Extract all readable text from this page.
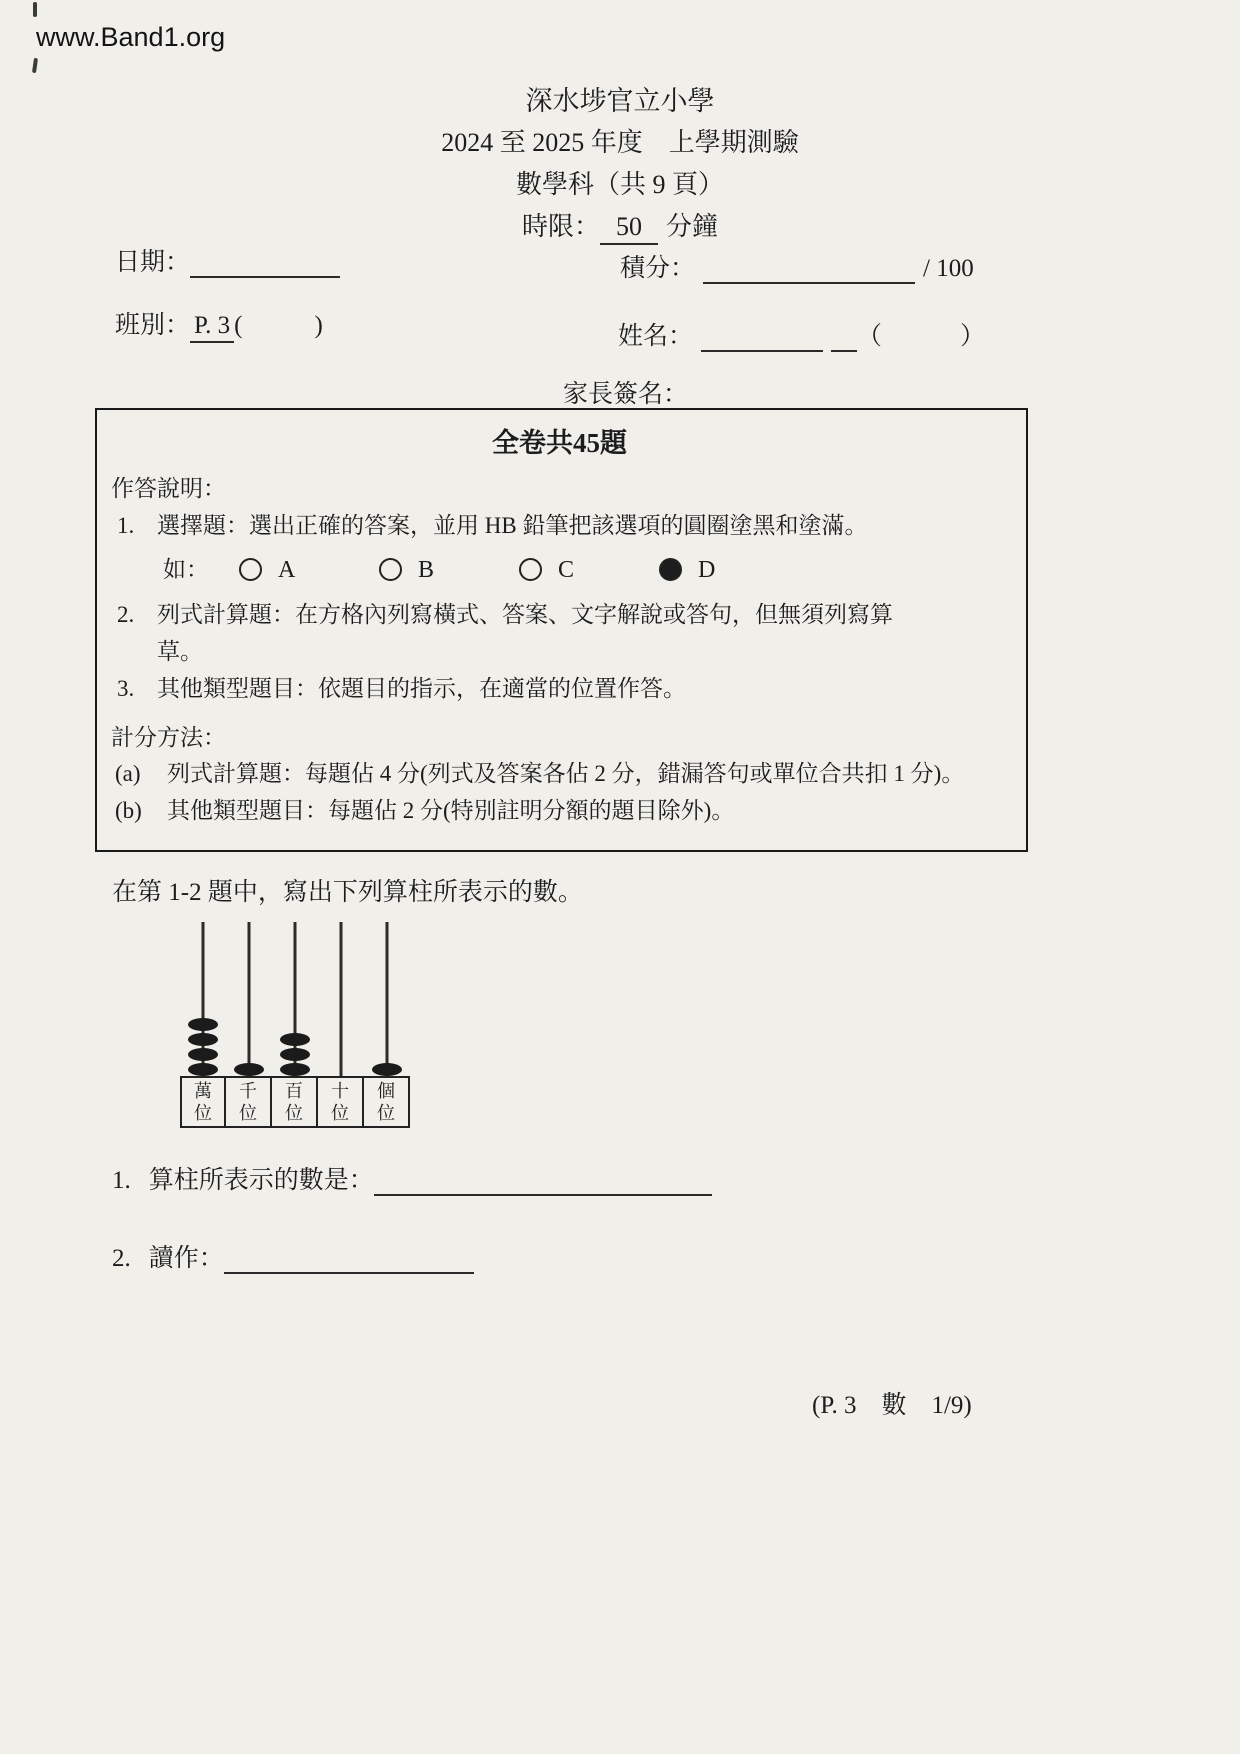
www.Band1.org
深水埗官立小學
2024 至 2025 年度　上學期測驗
數學科（共 9 頁）
時限： 50 分鐘
日期：	積分：	/ 100
班別： P. 3 (	)	姓名：	（	）
家長簽名：
全卷共45題
作答說明：
1. 選擇題：選出正確的答案，並用 HB 鉛筆把該選項的圓圈塗黑和塗滿。
如：	A	B	C	D
2. 列式計算題：在方格內列寫橫式、答案、文字解說或答句，但無須列寫算草。
3. 其他類型題目：依題目的指示，在適當的位置作答。
計分方法：
(a) 列式計算題：每題佔 4 分(列式及答案各佔 2 分，錯漏答句或單位合共扣 1 分)。
(b) 其他類型題目：每題佔 2 分(特別註明分額的題目除外)。
在第 1-2 題中，寫出下列算柱所表示的數。
萬
位
千
位
百
位
十
位
個
位
1. 算柱所表示的數是：
2. 讀作：
(P. 3　數　1/9)
